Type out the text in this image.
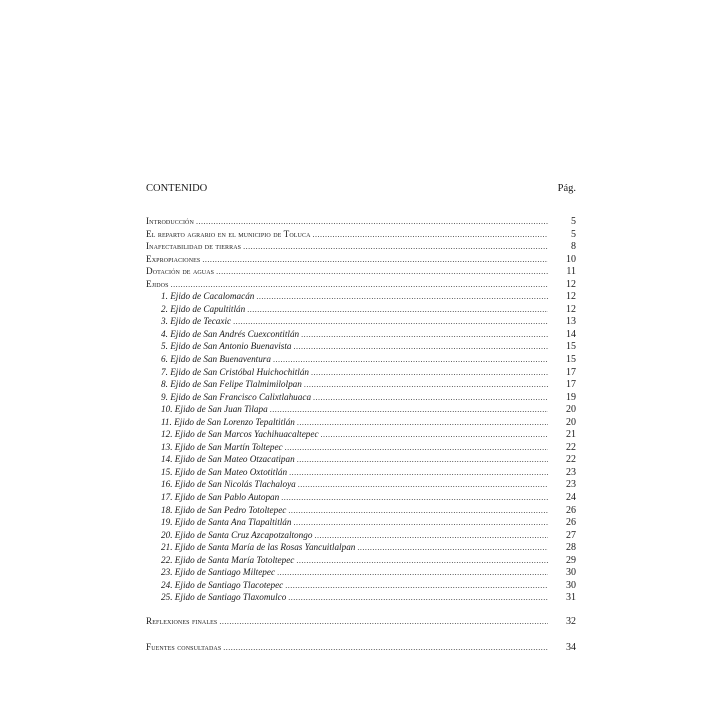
CONTENIDO	Pág.
Introducción .....	5
El reparto agrario en el municipio de Toluca .....	5
Inafectabilidad de tierras .....	8
Expropiaciones .....	10
Dotación de aguas .....	11
Ejidos .....	12
1. Ejido de Cacalomacán .....	12
2. Ejido de Capultitlán .....	12
3. Ejido de Tecaxic .....	13
4. Ejido de San Andrés Cuexcontitlán .....	14
5. Ejido de San Antonio Buenavista .....	15
6. Ejido de San Buenaventura .....	15
7. Ejido de San Cristóbal Huichochitlán .....	17
8. Ejido de San Felipe Tlalmimilolpan .....	17
9. Ejido de San Francisco Calixtlahuaca .....	19
10. Ejido de San Juan Tilapa .....	20
11. Ejido de San Lorenzo Tepaltitlán .....	20
12. Ejido de San Marcos Yachihuacaltepec .....	21
13. Ejido de San Martín Toltepec .....	22
14. Ejido de San Mateo Otzacatipan .....	22
15. Ejido de San Mateo Oxtotitlán .....	23
16. Ejido de San Nicolás Tlachaloya .....	23
17. Ejido de San Pablo Autopan .....	24
18. Ejido de San Pedro Totoltepec .....	26
19. Ejido de Santa Ana Tlapaltitlán .....	26
20. Ejido de Santa Cruz Azcapotzaltongo .....	27
21. Ejido de Santa María de las Rosas Yancuitlalpan .....	28
22. Ejido de Santa María Totoltepec .....	29
23. Ejido de Santiago Miltepec .....	30
24. Ejido de Santiago Tlacotepec .....	30
25. Ejido de Santiago Tlaxomulco .....	31
Reflexiones finales .....	32
Fuentes consultadas .....	34
